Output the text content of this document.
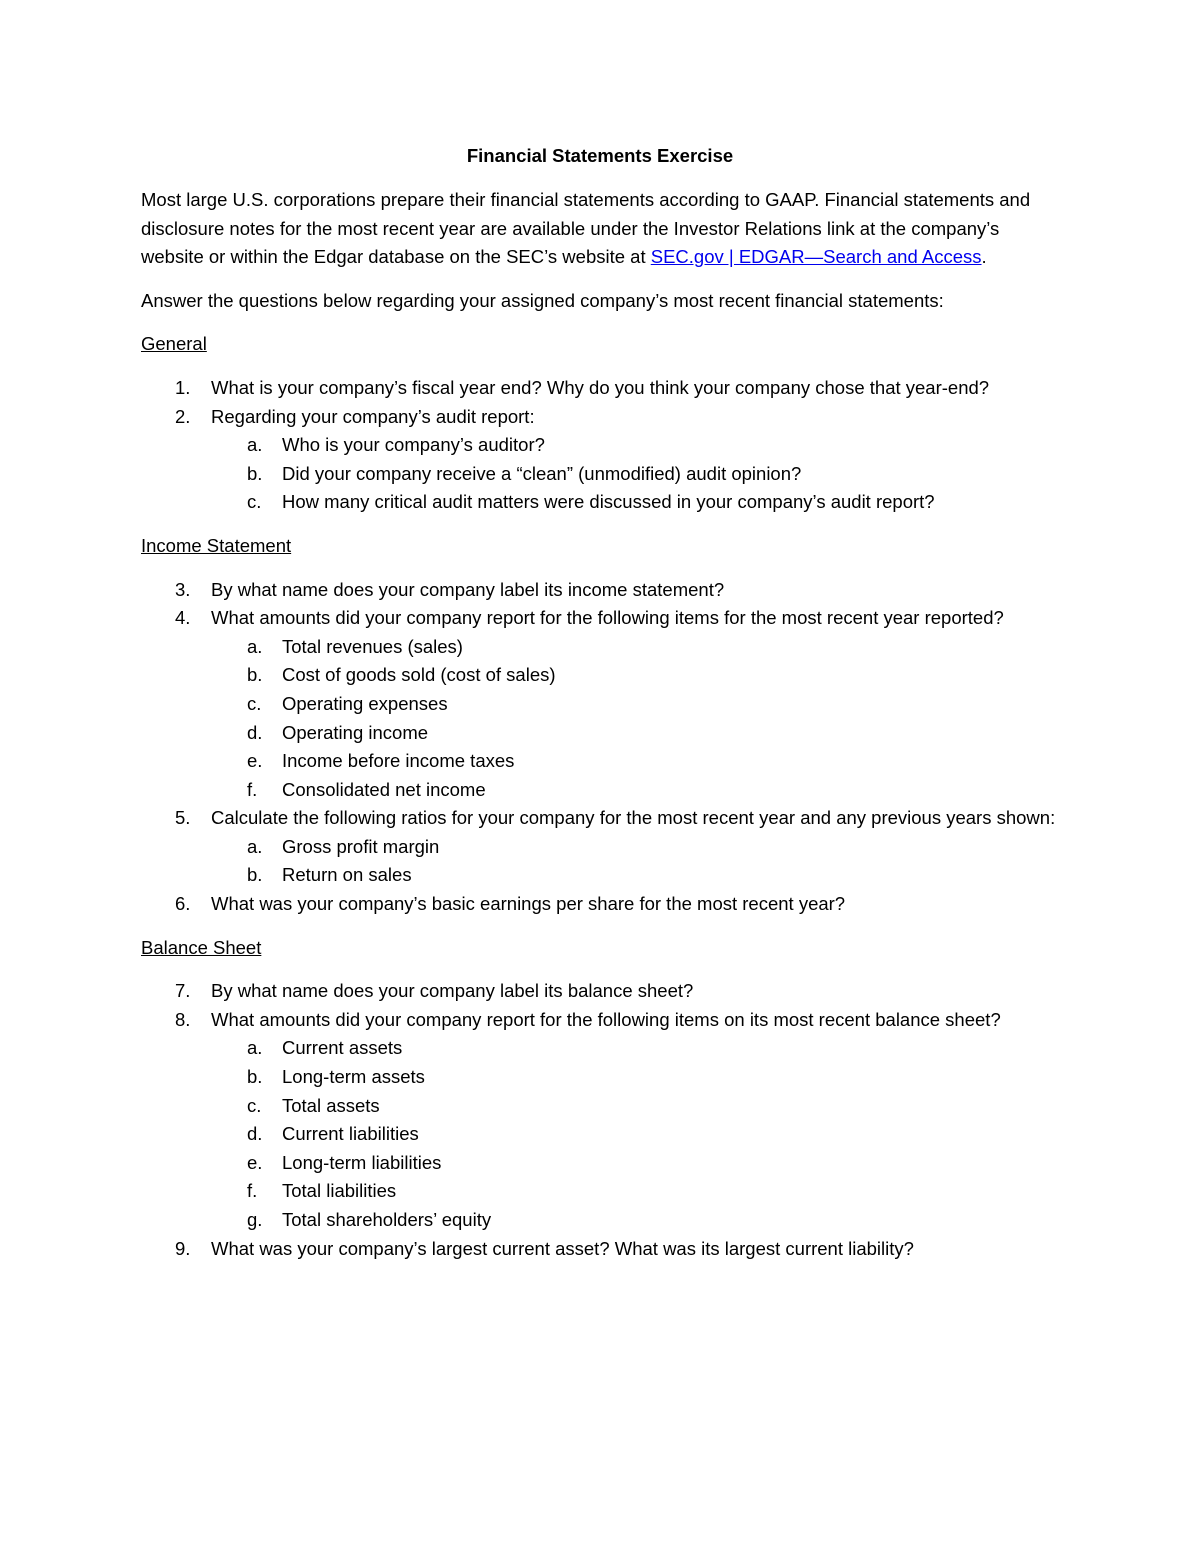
Financial Statements Exercise
Most large U.S. corporations prepare their financial statements according to GAAP. Financial statements and disclosure notes for the most recent year are available under the Investor Relations link at the company’s website or within the Edgar database on the SEC’s website at SEC.gov | EDGAR—Search and Access.
Answer the questions below regarding your assigned company’s most recent financial statements:
General
1. What is your company’s fiscal year end? Why do you think your company chose that year-end?
2. Regarding your company’s audit report:
a. Who is your company’s auditor?
b. Did your company receive a “clean” (unmodified) audit opinion?
c. How many critical audit matters were discussed in your company’s audit report?
Income Statement
3. By what name does your company label its income statement?
4. What amounts did your company report for the following items for the most recent year reported?
a. Total revenues (sales)
b. Cost of goods sold (cost of sales)
c. Operating expenses
d. Operating income
e. Income before income taxes
f. Consolidated net income
5. Calculate the following ratios for your company for the most recent year and any previous years shown:
a. Gross profit margin
b. Return on sales
6. What was your company’s basic earnings per share for the most recent year?
Balance Sheet
7. By what name does your company label its balance sheet?
8. What amounts did your company report for the following items on its most recent balance sheet?
a. Current assets
b. Long-term assets
c. Total assets
d. Current liabilities
e. Long-term liabilities
f. Total liabilities
g. Total shareholders’ equity
9. What was your company’s largest current asset? What was its largest current liability?
